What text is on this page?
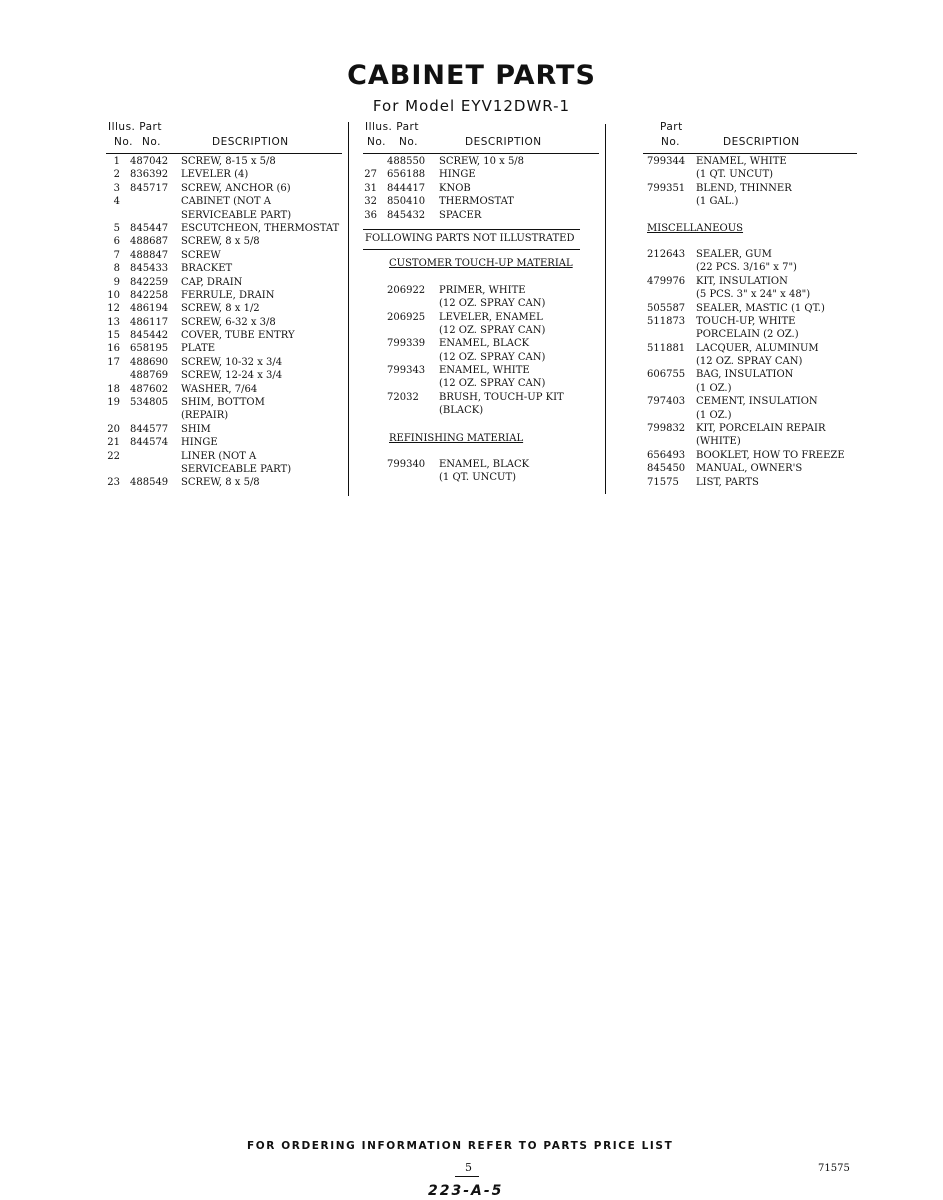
CABINET PARTS
For Model EYV12DWR-1
Illus. Part
No. No.	DESCRIPTION
1 487042 SCREW, 8-15 x 5/8
2 836392 LEVELER (4)
3 845717 SCREW, ANCHOR (6)
4	CABINET (NOT A
SERVICEABLE PART)
5 845447 ESCUTCHEON, THERMOSTAT
6 488687 SCREW, 8 x 5/8
7 488847 SCREW
8 845433 BRACKET
9 842259 CAP, DRAIN
10 842258 FERRULE, DRAIN
12 486194 SCREW, 8 x 1/2
13 486117 SCREW, 6-32 x 3/8
15 845442 COVER, TUBE ENTRY
16 658195 PLATE
17 488690 SCREW, 10-32 x 3/4
488769 SCREW, 12-24 x 3/4
18 487602 WASHER, 7/64
19 534805 SHIM, BOTTOM
(REPAIR)
20 844577 SHIM
21 844574 HINGE
22	LINER (NOT A
SERVICEABLE PART)
23 488549 SCREW, 8 x 5/8
Illus. Part
No. No.	DESCRIPTION
488550 SCREW, 10 x 5/8
27 656188 HINGE
31 844417 KNOB
32 850410 THERMOSTAT
36 845432 SPACER
FOLLOWING PARTS NOT ILLUSTRATED
CUSTOMER TOUCH-UP MATERIAL
206922 PRIMER, WHITE
(12 OZ. SPRAY CAN)
206925 LEVELER, ENAMEL
(12 OZ. SPRAY CAN)
799339 ENAMEL, BLACK
(12 OZ. SPRAY CAN)
799343 ENAMEL, WHITE
(12 OZ. SPRAY CAN)
72032 BRUSH, TOUCH-UP KIT
(BLACK)
REFINISHING MATERIAL
799340 ENAMEL, BLACK
(1 QT. UNCUT)
Part
No.	DESCRIPTION
799344 ENAMEL, WHITE
(1 QT. UNCUT)
799351 BLEND, THINNER
(1 GAL.)
MISCELLANEOUS
212643 SEALER, GUM
(22 PCS. 3/16" x 7")
479976 KIT, INSULATION
(5 PCS. 3" x 24" x 48")
505587 SEALER, MASTIC (1 QT.)
511873 TOUCH-UP, WHITE
PORCELAIN (2 OZ.)
511881 LACQUER, ALUMINUM
(12 OZ. SPRAY CAN)
606755 BAG, INSULATION
(1 OZ.)
797403 CEMENT, INSULATION
(1 OZ.)
799832 KIT, PORCELAIN REPAIR
(WHITE)
656493 BOOKLET, HOW TO FREEZE
845450 MANUAL, OWNER'S
71575 LIST, PARTS
FOR ORDERING INFORMATION REFER TO PARTS PRICE LIST
5	71575
223-A-5
